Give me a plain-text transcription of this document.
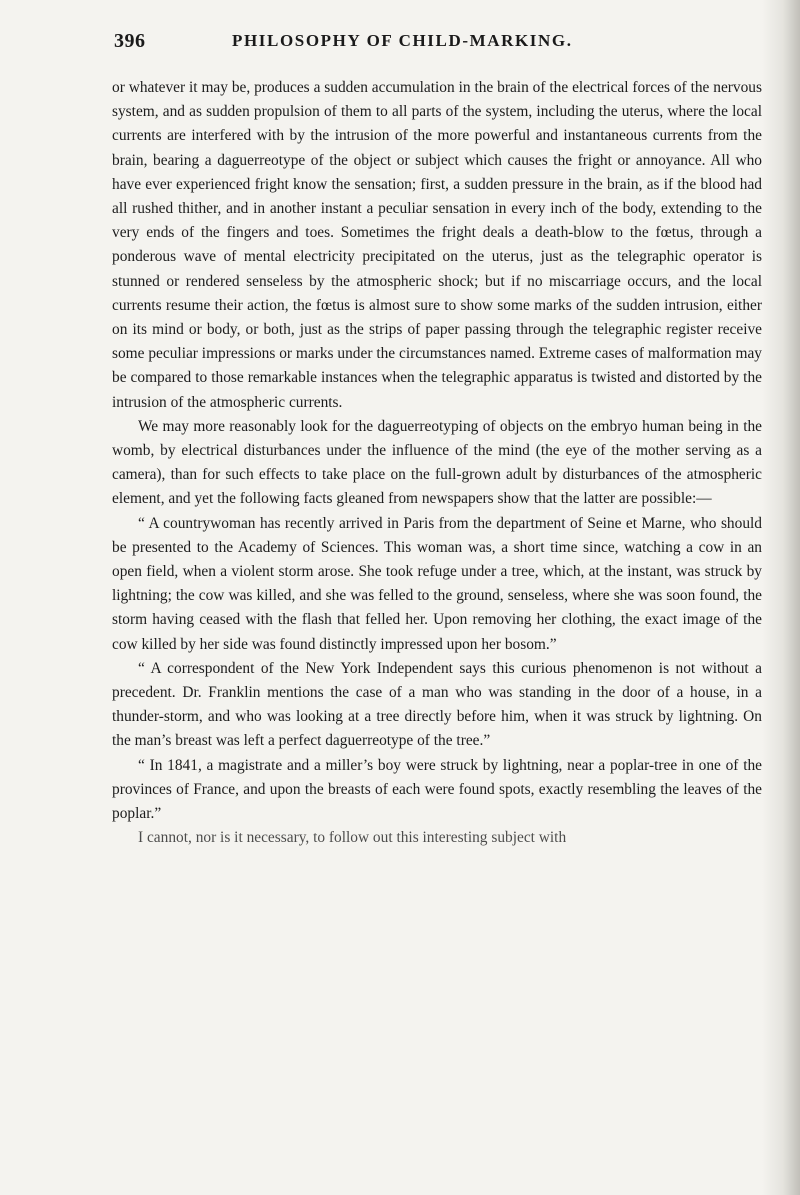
396	PHILOSOPHY OF CHILD-MARKING.

or whatever it may be, produces a sudden accumulation in the brain of the electrical forces of the nervous system, and as sudden propulsion of them to all parts of the system, including the uterus, where the local currents are interfered with by the intrusion of the more powerful and instantaneous currents from the brain, bearing a daguerreotype of the object or subject which causes the fright or annoyance. All who have ever experienced fright know the sensation; first, a sudden pressure in the brain, as if the blood had all rushed thither, and in another instant a peculiar sensation in every inch of the body, extending to the very ends of the fingers and toes. Sometimes the fright deals a death-blow to the fœtus, through a ponderous wave of mental electricity precipitated on the uterus, just as the telegraphic operator is stunned or rendered senseless by the atmospheric shock; but if no miscarriage occurs, and the local currents resume their action, the fœtus is almost sure to show some marks of the sudden intrusion, either on its mind or body, or both, just as the strips of paper passing through the telegraphic register receive some peculiar impressions or marks under the circumstances named. Extreme cases of malformation may be compared to those remarkable instances when the telegraphic apparatus is twisted and distorted by the intrusion of the atmospheric currents.

We may more reasonably look for the daguerreotyping of objects on the embryo human being in the womb, by electrical disturbances under the influence of the mind (the eye of the mother serving as a camera), than for such effects to take place on the full-grown adult by disturbances of the atmospheric element, and yet the following facts gleaned from newspapers show that the latter are possible:—

“ A countrywoman has recently arrived in Paris from the department of Seine et Marne, who should be presented to the Academy of Sciences. This woman was, a short time since, watching a cow in an open field, when a violent storm arose. She took refuge under a tree, which, at the instant, was struck by lightning; the cow was killed, and she was felled to the ground, senseless, where she was soon found, the storm having ceased with the flash that felled her. Upon removing her clothing, the exact image of the cow killed by her side was found distinctly impressed upon her bosom.”

“ A correspondent of the New York Independent says this curious phenomenon is not without a precedent. Dr. Franklin mentions the case of a man who was standing in the door of a house, in a thunder-storm, and who was looking at a tree directly before him, when it was struck by lightning. On the man’s breast was left a perfect daguerreotype of the tree.”

“ In 1841, a magistrate and a miller’s boy were struck by lightning, near a poplar-tree in one of the provinces of France, and upon the breasts of each were found spots, exactly resembling the leaves of the poplar.”

I cannot, nor is it necessary, to follow out this interesting subject with
